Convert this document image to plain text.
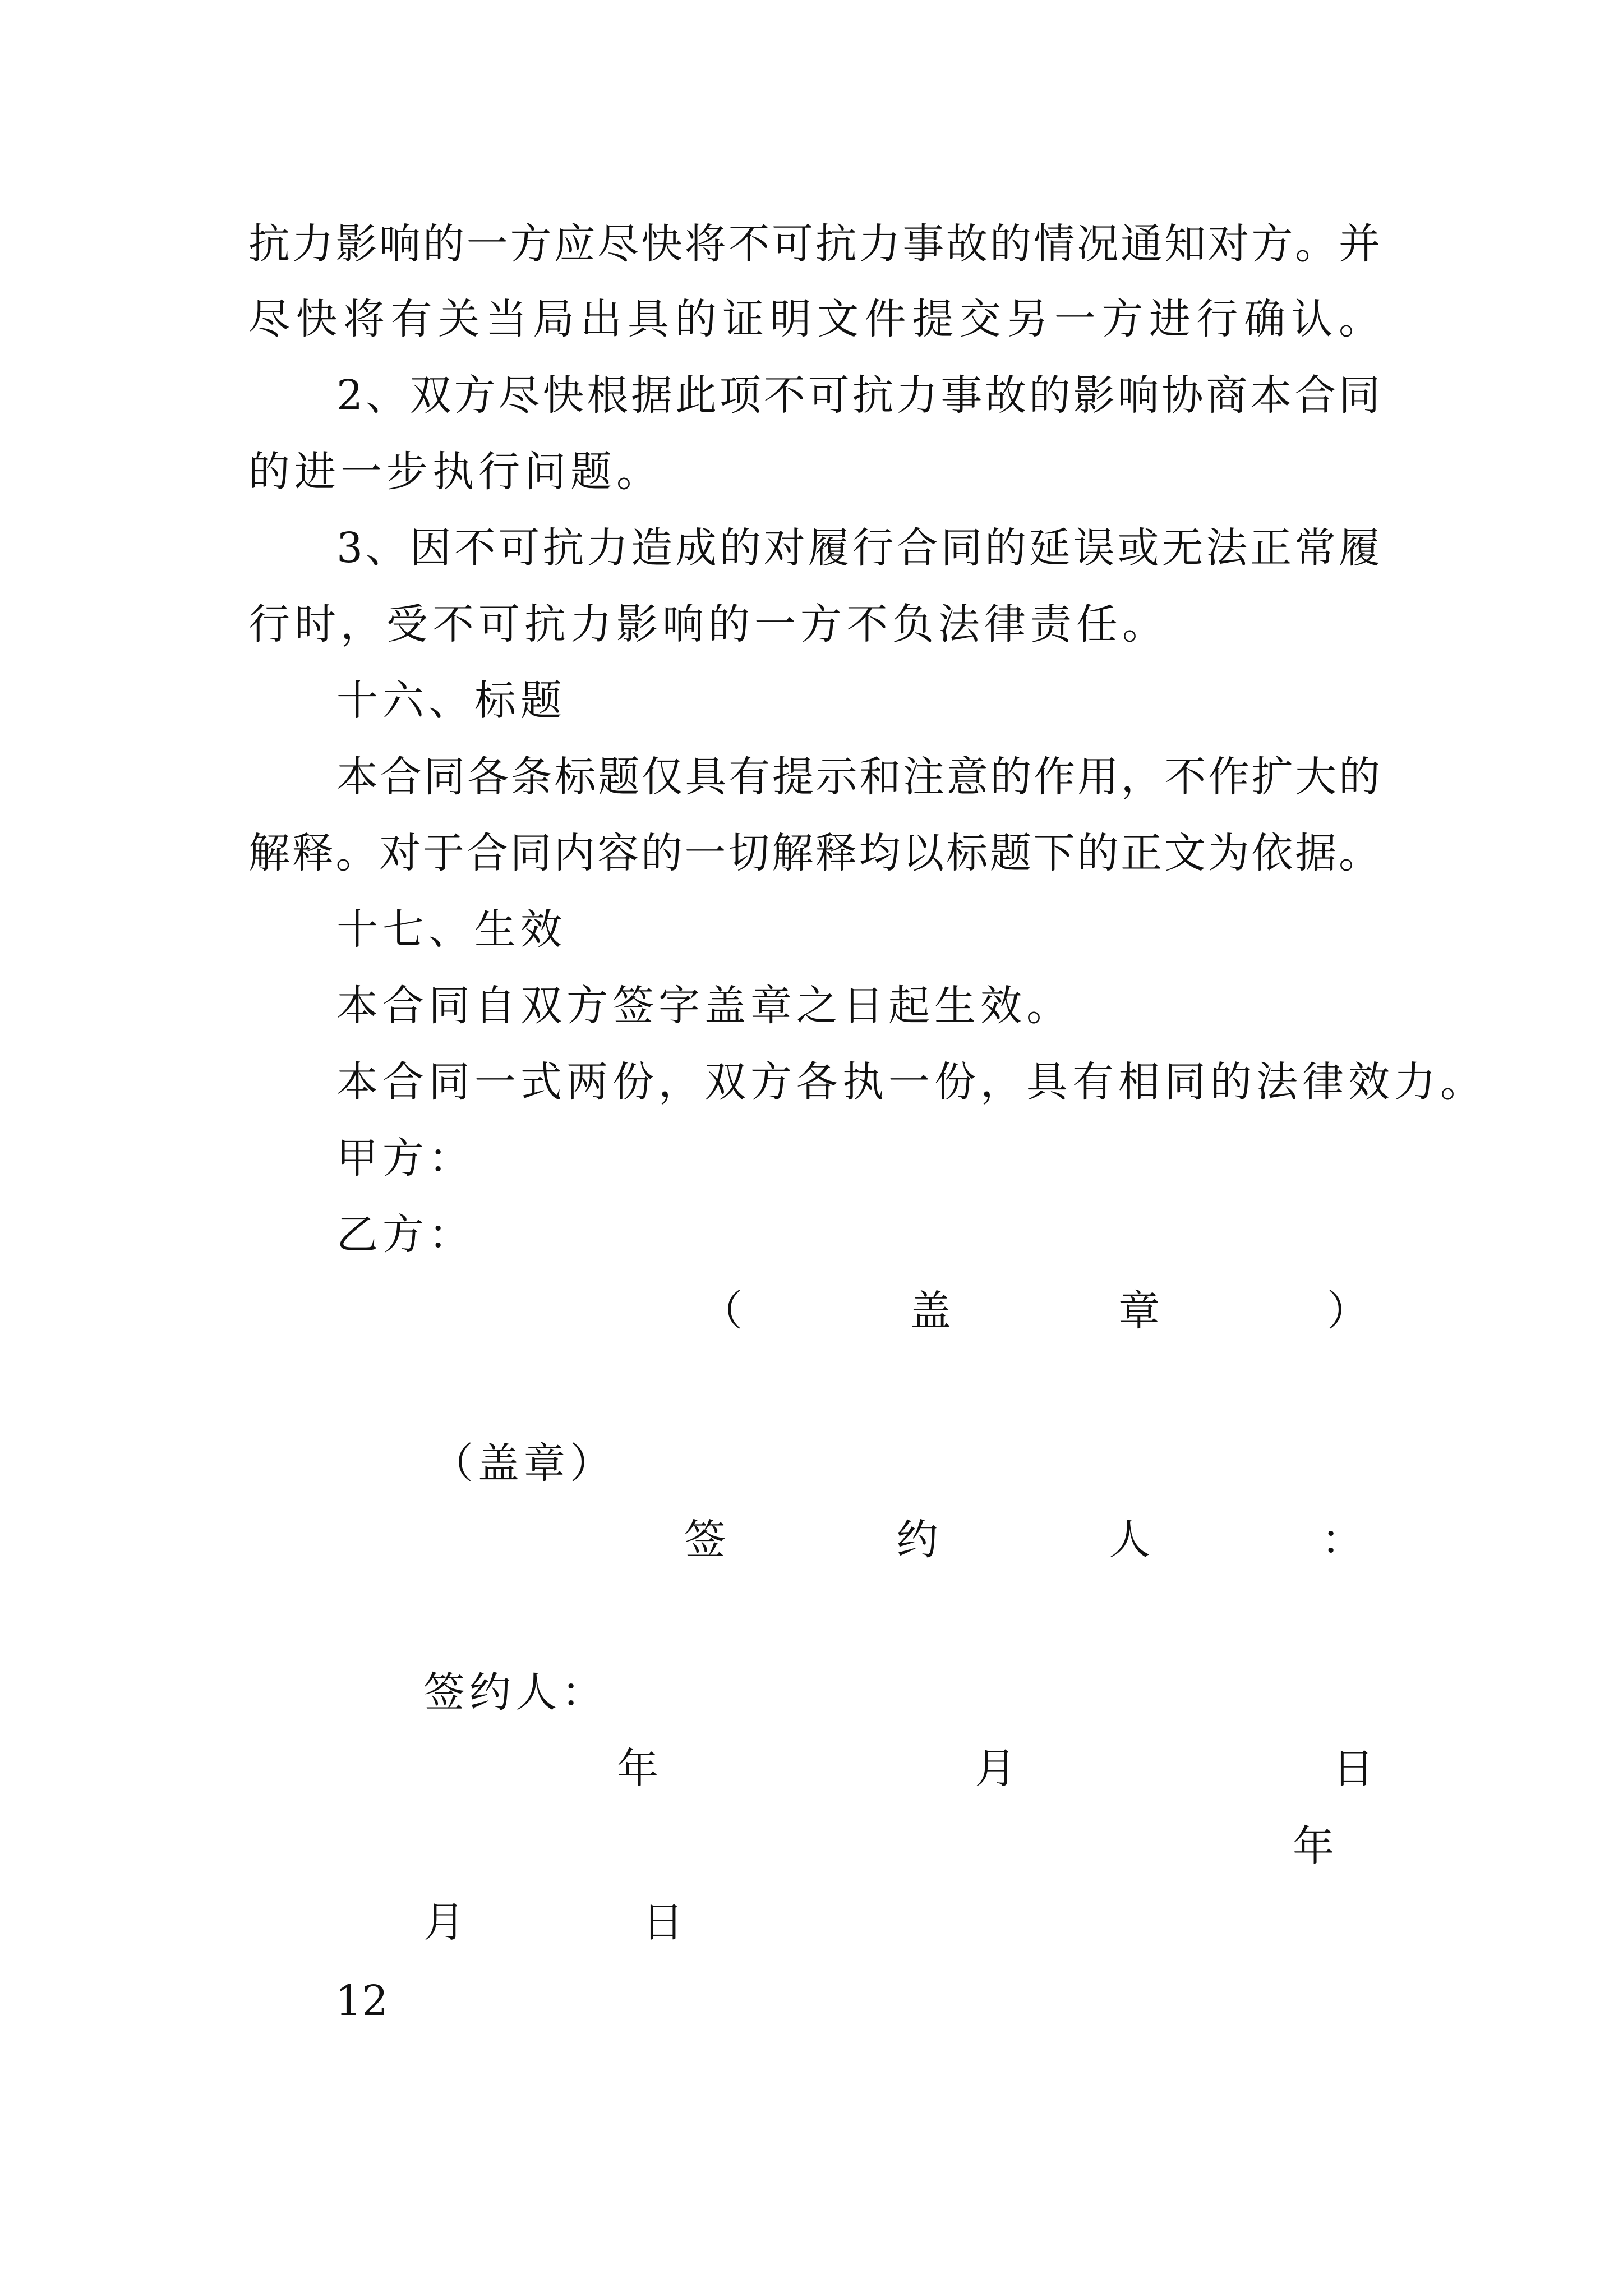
抗力影响的一方应尽快将不可抗力事故的情况通知对方。并
尽快将有关当局出具的证明文件提交另一方进行确认。
2、双方尽快根据此项不可抗力事故的影响协商本合同
的进一步执行问题。
3、因不可抗力造成的对履行合同的延误或无法正常履
行时，受不可抗力影响的一方不负法律责任。
十六、标题
本合同各条标题仅具有提示和注意的作用，不作扩大的
解释。对于合同内容的一切解释均以标题下的正文为依据。
十七、生效
本合同自双方签字盖章之日起生效。
本合同一式两份，双方各执一份，具有相同的法律效力。
甲方：
乙方：
（	盖	章	）
（盖章）
签	约	人	：
签约人：
年	月	日
年
月	日
12
